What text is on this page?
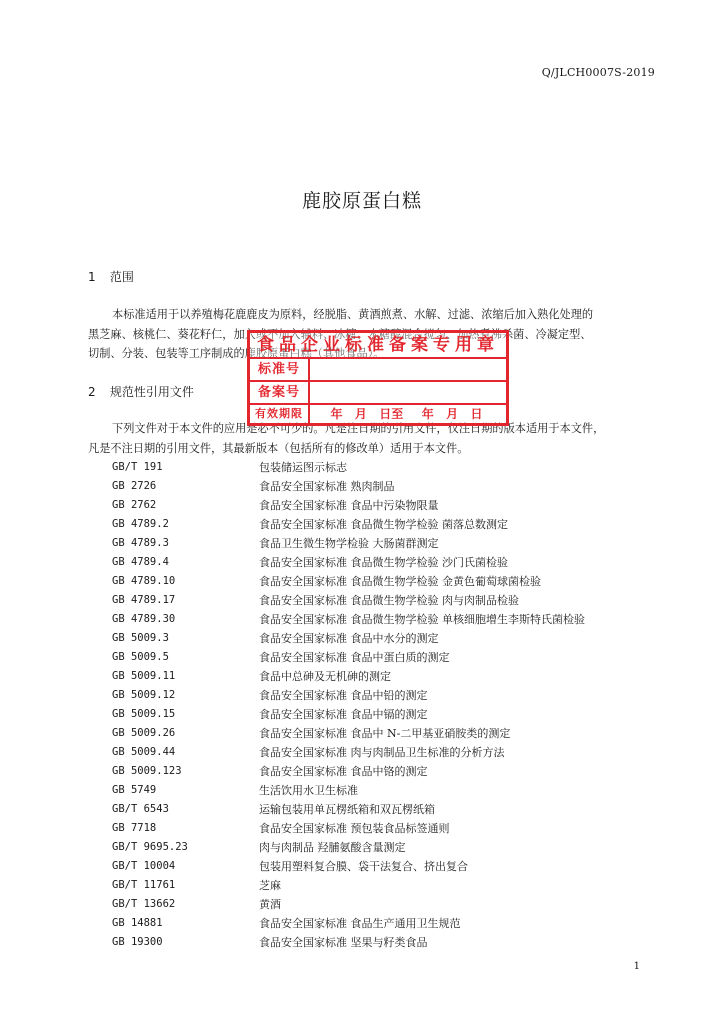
Q/JLCH0007S-2019
鹿胶原蛋白糕
1 范围
本标准适用于以养殖梅花鹿鹿皮为原料，经脱脂、黄酒煎煮、水解、过滤、浓缩后加入熟化处理的
黑芝麻、核桃仁、葵花籽仁，加入或不加入辅料、冰糖、木糖醇混合搅匀、加热煮沸杀菌、冷凝定型、
切制、分装、包装等工序制成的鹿胶原蛋白糕（其他食品）。
2 规范性引用文件
下列文件对于本文件的应用是必不可少的。凡是注日期的引用文件，仅注日期的版本适用于本文件，
凡是不注日期的引用文件，其最新版本（包括所有的修改单）适用于本文件。
GB/T 191	包装储运图示标志
GB 2726	食品安全国家标准 熟肉制品
GB 2762	食品安全国家标准 食品中污染物限量
GB 4789.2	食品安全国家标准 食品微生物学检验 菌落总数测定
GB 4789.3	食品卫生微生物学检验 大肠菌群测定
GB 4789.4	食品安全国家标准 食品微生物学检验 沙门氏菌检验
GB 4789.10	食品安全国家标准 食品微生物学检验 金黄色葡萄球菌检验
GB 4789.17	食品安全国家标准 食品微生物学检验 肉与肉制品检验
GB 4789.30	食品安全国家标准 食品微生物学检验 单核细胞增生李斯特氏菌检验
GB 5009.3	食品安全国家标准 食品中水分的测定
GB 5009.5	食品安全国家标准 食品中蛋白质的测定
GB 5009.11	食品中总砷及无机砷的测定
GB 5009.12	食品安全国家标准 食品中铅的测定
GB 5009.15	食品安全国家标准 食品中镉的测定
GB 5009.26	食品安全国家标准 食品中 N-二甲基亚硝胺类的测定
GB 5009.44	食品安全国家标准 肉与肉制品卫生标准的分析方法
GB 5009.123	食品安全国家标准 食品中铬的测定
GB 5749	生活饮用水卫生标准
GB/T 6543	运输包装用单瓦楞纸箱和双瓦楞纸箱
GB 7718	食品安全国家标准 预包装食品标签通则
GB/T 9695.23	肉与肉制品 羟脯氨酸含量测定
GB/T 10004	包装用塑料复合膜、袋干法复合、挤出复合
GB/T 11761	芝麻
GB/T 13662	黄酒
GB 14881	食品安全国家标准 食品生产通用卫生规范
GB 19300	食品安全国家标准 坚果与籽类食品
食品企业标准备案专用章
标准号
备案号
有效期限 年  月  日至   年  月  日
1
